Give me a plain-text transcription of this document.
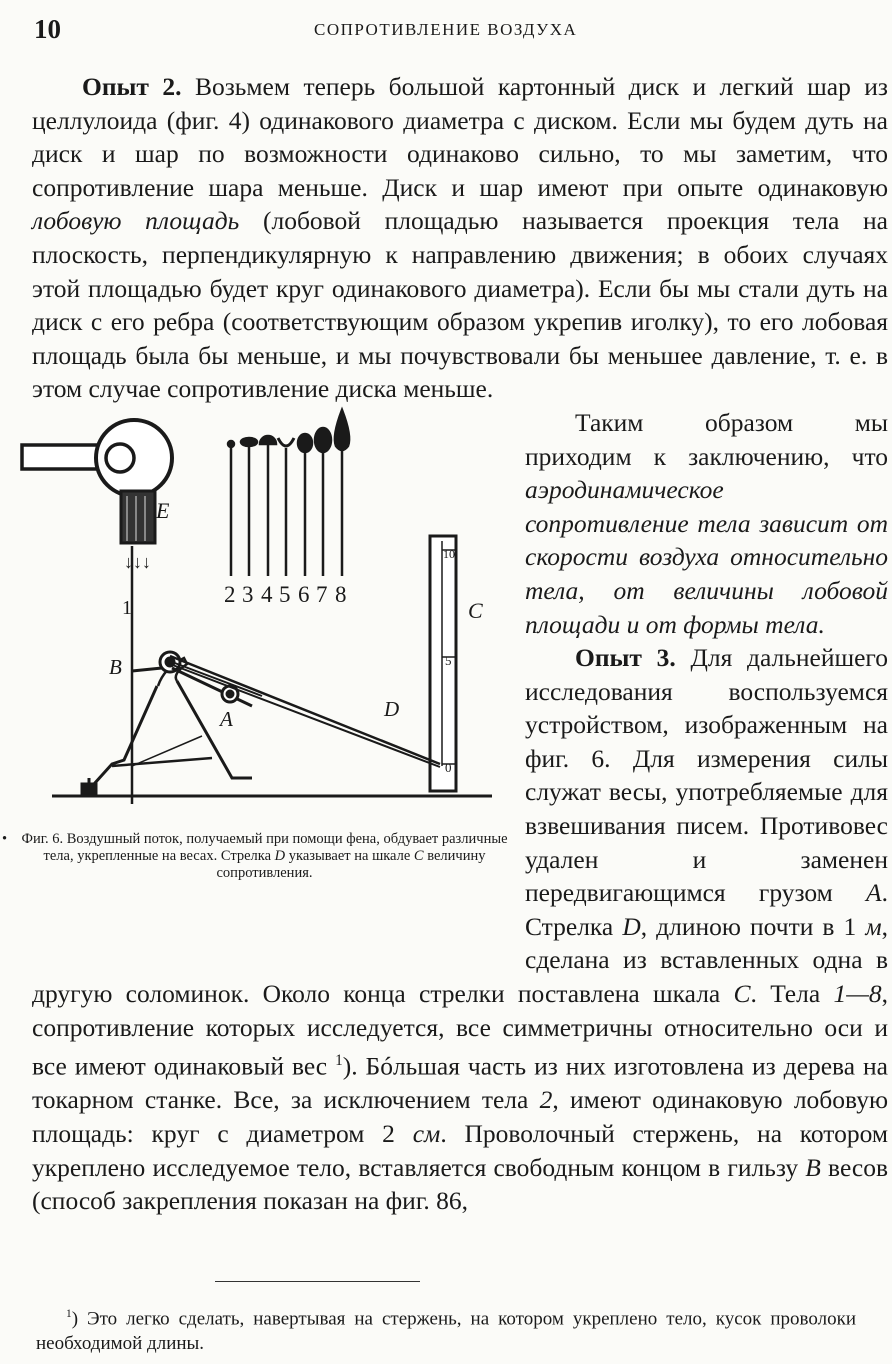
10	СОПРОТИВЛЕНИЕ ВОЗДУХА

Опыт 2. Возьмем теперь большой картонный диск и легкий шар из целлулоида (фиг. 4) одинакового диаметра с диском. Если мы будем дуть на диск и шар по возможности одинаково сильно, то мы заметим, что сопротивление шара меньше. Диск и шар имеют при опыте одинаковую лобовую площадь (лобовой площадью называется проекция тела на плоскость, перпендикулярную к направлению движения; в обоих случаях этой площадью будет круг одинакового диаметра). Если бы мы стали дуть на диск с его ребра (соответствующим образом укрепив иголку), то его лобовая площадь была бы меньше, и мы почувствовали бы меньшее давление, т. е. в этом случае сопротивление диска меньше.

E
↓↓↓
1
B
A	D
C
10
5
0
2 3 4 5 6 7 8
• Фиг. 6. Воздушный поток, получаемый при помощи фена, обдувает различные тела, укрепленные на весах. Стрелка D указывает на шкале C величину сопротивления.

Таким образом мы приходим к заключению, что аэродинамическое сопротивление тела зависит от скорости воздуха относительно тела, от величины лобовой площади и от формы тела.

Опыт 3. Для дальнейшего исследования воспользуемся устройством, изображенным на фиг. 6. Для измерения силы служат весы, употребляемые для взвешивания писем. Противовес удален и заменен передвигающимся грузом A. Стрелка D, длиною почти в 1 м, сделана из вставленных одна в другую соломинок. Около конца стрелки поставлена шкала C. Тела 1—8, сопротивление которых исследуется, все симметричны относительно оси и все имеют одинаковый вес $^1$). Бóльшая часть из них изготовлена из дерева на токарном станке. Все, за исключением тела 2, имеют одинаковую лобовую площадь: круг с диаметром 2 см. Проволочный стержень, на котором укреплено исследуемое тело, вставляется свободным концом в гильзу B весов (способ закрепления показан на фиг. 86,

$^1$) Это легко сделать, навертывая на стержень, на котором укреплено тело, кусок проволоки необходимой длины.
